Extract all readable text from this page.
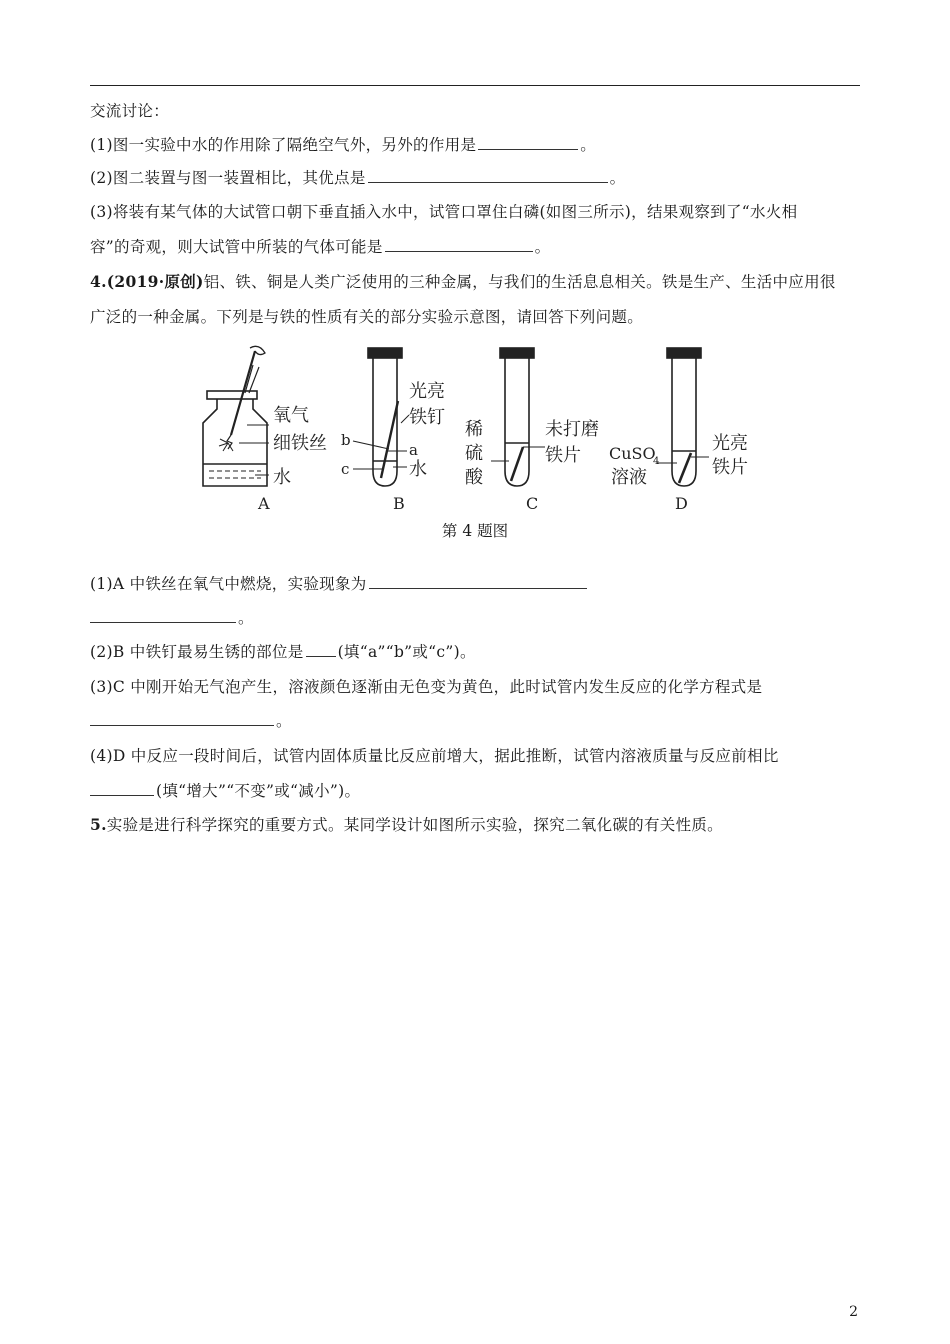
交流讨论：
(1)图一实验中水的作用除了隔绝空气外，另外的作用是	。
(2)图二装置与图一装置相比，其优点是	。
(3)将装有某气体的大试管口朝下垂直插入水中，试管口罩住白磷(如图三所示)，结果观察到了“水火相
容”的奇观，则大试管中所装的气体可能是	。
4.(2019·原创)铝、铁、铜是人类广泛使用的三种金属，与我们的生活息息相关。铁是生产、生活中应用很
广泛的一种金属。下列是与铁的性质有关的部分实验示意图，请回答下列问题。
氧气
细铁丝
水
光亮
铁钉
a
b
c	水
稀
硫
酸
未打磨
铁片 CuSO
4
溶液
光亮
铁片
A	B	C	D
第 4 题图
(1)A 中铁丝在氧气中燃烧，实验现象为
。
(2)B 中铁钉最易生锈的部位是 (填“a”“b”或“c”)。
(3)C 中刚开始无气泡产生，溶液颜色逐渐由无色变为黄色，此时试管内发生反应的化学方程式是
。
(4)D 中反应一段时间后，试管内固体质量比反应前增大，据此推断，试管内溶液质量与反应前相比
(填“增大”“不变”或“减小”)。
5.实验是进行科学探究的重要方式。某同学设计如图所示实验，探究二氧化碳的有关性质。
2
